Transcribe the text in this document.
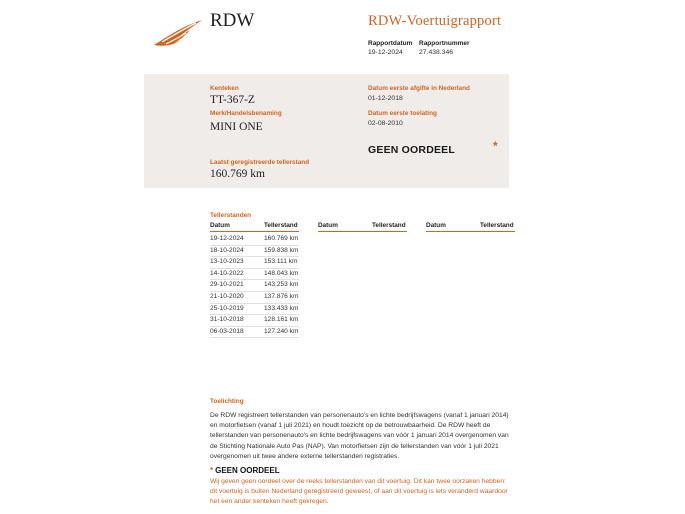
RDW	RDW-Voertuigrapport
Rapportdatum
19-12-2024
Rapportnummer
27.438.346
Kenteken
TT-367-Z
Merk/Handelsbenaming
MINI ONE
Datum eerste afgifte in Nederland
01-12-2018
Datum eerste toelating
02-08-2010
GEEN OORDEEL	*
Laatst geregistreerde tellerstand
160.769 km
Tellerstanden
Datum	Tellerstand	Datum	Tellerstand	Datum	Tellerstand
19-12-2024	160.769 km
18-10-2024	159.838 km
13-10-2023	153.111 km
14-10-2022	148.043 km
29-10-2021	143.253 km
21-10-2020	137.876 km
25-10-2019	133.433 km
31-10-2018	128.161 km
06-03-2018	127.240 km
Toelichting
De RDW registreert tellerstanden van personenauto's en lichte bedrijfswagens (vanaf 1 januari 2014) en motorfietsen (vanaf 1 juli 2021) en houdt toezicht op de betrouwbaarheid. De RDW heeft de tellerstanden van personenauto's en lichte bedrijfswagens van vóór 1 januari 2014 overgenomen van de Stichting Nationale Auto Pas (NAP). Van motorfietsen zijn de tellerstanden van vóór 1 juli 2021 overgenomen uit twee andere externe tellerstanden registraties.
* GEEN OORDEEL
Wij geven geen oordeel over de reeks tellerstanden van dit voertuig. Dit kan twee oorzaken hebben: dit voertuig is buiten Nederland geregistreerd geweest, of aan dit voertuig is iets veranderd waardoor het een ander kenteken heeft gekregen.
